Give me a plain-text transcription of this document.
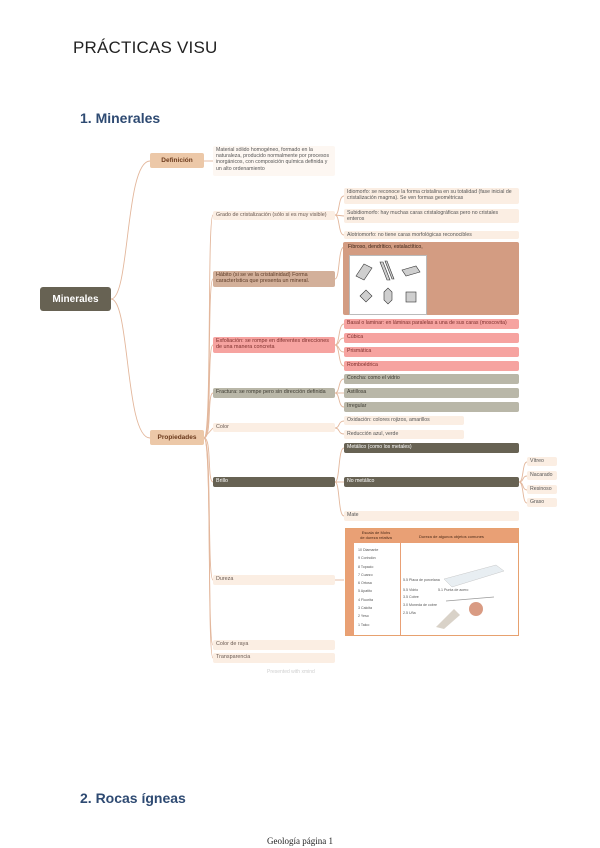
PRÁCTICAS VISU
1. Minerales
Minerales
Definición
Material sólido homogéneo, formado en la naturaleza, producido normalmente por procesos inorgánicos, con composición química definida y un alto ordenamiento
Propiedades
Grado de cristalización (sólo si es muy visible)
Idiomorfo: se reconoce la forma cristalina en su totalidad (fase inicial de cristalización magma). Se ven formas geométricas
Subidiomorfo: hay muchas caras cristalográficas pero no cristales enteros
Alotriomorfo: no tiene caras morfológicas reconocibles
Hábito (si se ve la cristalinidad) Forma característica que presenta un mineral.
Fibroso, dendrítico, estalactítico,
Exfoliación: se rompe en diferentes direcciones de una manera concreta
Basal o laminar: en láminas paralelas a una de sus caras (moscovita)
Cúbica
Prismática
Romboédrica
Fractura: se rompe pero sin dirección definida
Concha: como el vidrio
Astillosa
Irregular
Color
Oxidación: colores rojizos, amarillos
Reducción azul, verde
Brillo
Metálico (como los metales)
No metálico
Vítreo
Nacarado
Resinoso
Graso
Mate
Dureza
Escala de Mohs de dureza relativa	Dureza de algunos objetos comunes
10 Diamante
9 Corindón
8 Topacio
7 Cuarzo
6 Ortosa
5 Apatito
4 Fluorita
3 Calcita
2 Yeso
1 Talco
5.5 Placa de porcelana
5.5 Vidrio	5.1 Punta de acero
3.5 Cobre
3.0 Moneda de cobre
2.5 Uña
Color de raya
Transparencia
Presented with xmind
2. Rocas ígneas
Geología página 1
